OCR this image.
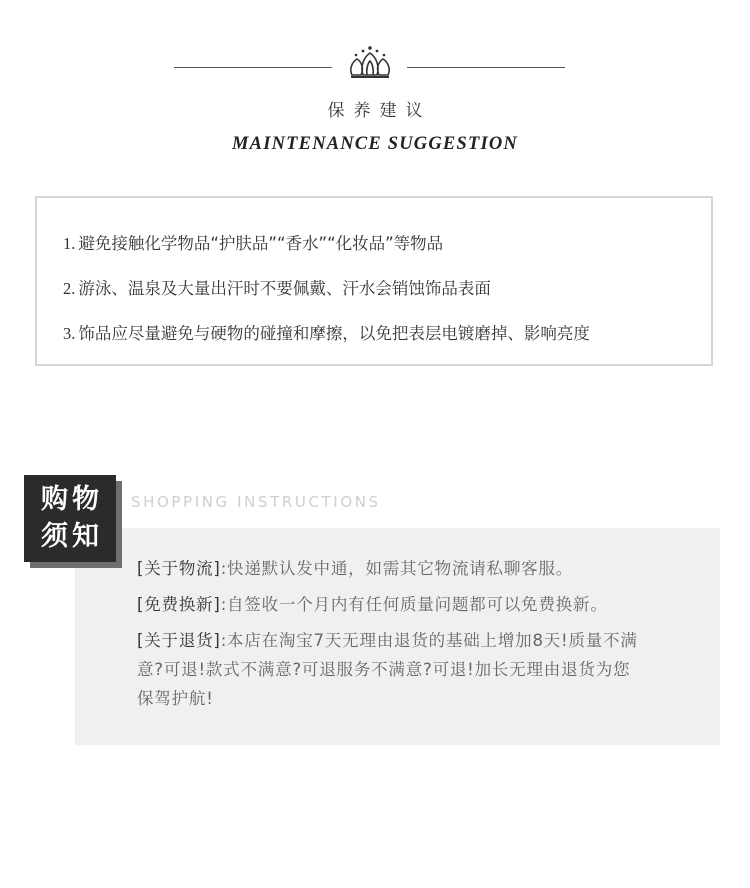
保养建议
MAINTENANCE SUGGESTION
1. 避免接触化学物品“护肤品”“香水”“化妆品”等物品
2. 游泳、温泉及大量出汗时不要佩戴、汗水会销蚀饰品表面
3. 饰品应尽量避免与硬物的碰撞和摩擦，以免把表层电镀磨掉、影响亮度
购物
须知
SHOPPING INSTRUCTIONS
[关于物流]:快递默认发中通，如需其它物流请私聊客服。
[免费换新]:自签收一个月内有任何质量问题都可以免费换新。
[关于退货]:本店在淘宝7天无理由退货的基础上增加8天!质量不满
意?可退!款式不满意?可退服务不满意?可退!加长无理由退货为您
保驾护航!
